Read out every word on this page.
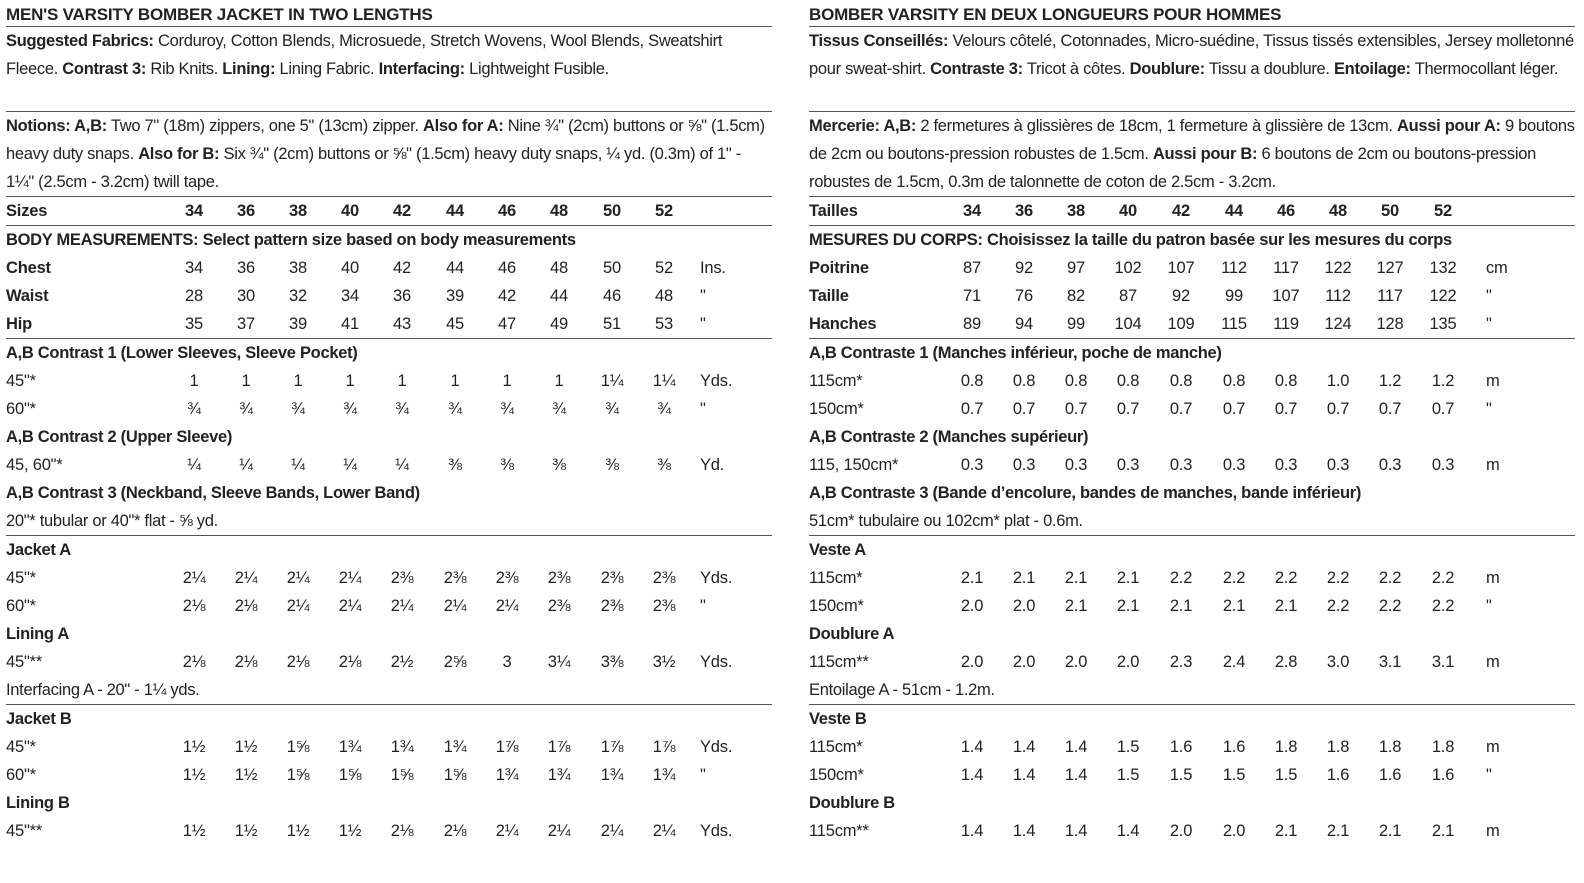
MEN'S VARSITY BOMBER JACKET IN TWO LENGTHS
Suggested Fabrics: Corduroy, Cotton Blends, Microsuede, Stretch Wovens, Wool Blends, Sweatshirt Fleece. Contrast 3: Rib Knits. Lining: Lining Fabric. Interfacing: Lightweight Fusible.
Notions: A,B: Two 7" (18m) zippers, one 5" (13cm) zipper. Also for A: Nine ¾" (2cm) buttons or ⅝" (1.5cm) heavy duty snaps. Also for B: Six ¾" (2cm) buttons or ⅝" (1.5cm) heavy duty snaps, ¼ yd. (0.3m) of 1" - 1¼" (2.5cm - 3.2cm) twill tape.
Sizes	34	36	38	40	42	44	46	48	50	52
BODY MEASUREMENTS: Select pattern size based on body measurements
Chest	34	36	38	40	42	44	46	48	50	52	Ins.
Waist	28	30	32	34	36	39	42	44	46	48	"
Hip	35	37	39	41	43	45	47	49	51	53	"
A,B Contrast 1 (Lower Sleeves, Sleeve Pocket)
45"*	1	1	1	1	1	1	1	1	1¼	1¼	Yds.
60"*	¾	¾	¾	¾	¾	¾	¾	¾	¾	¾	"
A,B Contrast 2 (Upper Sleeve)
45, 60"*	¼	¼	¼	¼	¼	⅜	⅜	⅜	⅜	⅜	Yd.
A,B Contrast 3 (Neckband, Sleeve Bands, Lower Band)
20"* tubular or 40"* flat - ⅝ yd.
Jacket A
45"*	2¼	2¼	2¼	2¼	2⅜	2⅜	2⅜	2⅜	2⅜	2⅜	Yds.
60"*	2⅛	2⅛	2¼	2¼	2¼	2¼	2¼	2⅜	2⅜	2⅜	"
Lining A
45"**	2⅛	2⅛	2⅛	2⅛	2½	2⅝	3	3¼	3⅜	3½	Yds.
Interfacing A - 20" - 1¼ yds.
Jacket B
45"*	1½	1½	1⅝	1¾	1¾	1¾	1⅞	1⅞	1⅞	1⅞	Yds.
60"*	1½	1½	1⅝	1⅝	1⅝	1⅝	1¾	1¾	1¾	1¾	"
Lining B
45"**	1½	1½	1½	1½	2⅛	2⅛	2¼	2¼	2¼	2¼	Yds.
BOMBER VARSITY EN DEUX LONGUEURS POUR HOMMES
Tissus Conseillés: Velours côtelé, Cotonnades, Micro-suédine, Tissus tissés extensibles, Jersey molletonné pour sweat-shirt. Contraste 3: Tricot à côtes. Doublure: Tissu a doublure. Entoilage: Thermocollant léger.
Mercerie: A,B: 2 fermetures à glissières de 18cm, 1 fermeture à glissière de 13cm. Aussi pour A: 9 boutons de 2cm ou boutons-pression robustes de 1.5cm. Aussi pour B: 6 boutons de 2cm ou boutons-pression robustes de 1.5cm, 0.3m de talonnette de coton de 2.5cm - 3.2cm.
Tailles	34	36	38	40	42	44	46	48	50	52
MESURES DU CORPS: Choisissez la taille du patron basée sur les mesures du corps
Poitrine	87	92	97	102	107	112	117	122	127	132	cm
Taille	71	76	82	87	92	99	107	112	117	122	"
Hanches	89	94	99	104	109	115	119	124	128	135	"
A,B Contraste 1 (Manches inférieur, poche de manche)
115cm*	0.8	0.8	0.8	0.8	0.8	0.8	0.8	1.0	1.2	1.2	m
150cm*	0.7	0.7	0.7	0.7	0.7	0.7	0.7	0.7	0.7	0.7	"
A,B Contraste 2 (Manches supérieur)
115, 150cm*	0.3	0.3	0.3	0.3	0.3	0.3	0.3	0.3	0.3	0.3	m
A,B Contraste 3 (Bande d’encolure, bandes de manches, bande inférieur)
51cm* tubulaire ou 102cm* plat - 0.6m.
Veste A
115cm*	2.1	2.1	2.1	2.1	2.2	2.2	2.2	2.2	2.2	2.2	m
150cm*	2.0	2.0	2.1	2.1	2.1	2.1	2.1	2.2	2.2	2.2	"
Doublure A
115cm**	2.0	2.0	2.0	2.0	2.3	2.4	2.8	3.0	3.1	3.1	m
Entoilage A - 51cm - 1.2m.
Veste B
115cm*	1.4	1.4	1.4	1.5	1.6	1.6	1.8	1.8	1.8	1.8	m
150cm*	1.4	1.4	1.4	1.5	1.5	1.5	1.5	1.6	1.6	1.6	"
Doublure B
115cm**	1.4	1.4	1.4	1.4	2.0	2.0	2.1	2.1	2.1	2.1	m
